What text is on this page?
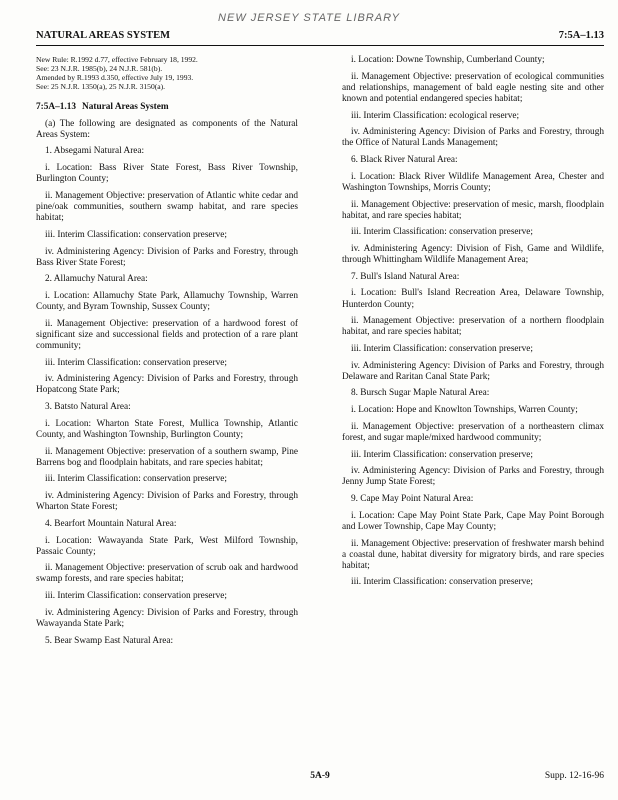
NEW JERSEY STATE LIBRARY
NATURAL AREAS SYSTEM	7:5A–1.13

New Rule: R.1992 d.77, effective February 18, 1992.

See: 23 N.J.R. 1985(b), 24 N.J.R. 581(b).

Amended by R.1993 d.350, effective July 19, 1993.

See: 25 N.J.R. 1350(a), 25 N.J.R. 3150(a).

7:5A–1.13 Natural Areas System

(a) The following are designated as components of the Natural Areas System:

1. Absegami Natural Area:

i. Location: Bass River State Forest, Bass River Township, Burlington County;

ii. Management Objective: preservation of Atlantic white cedar and pine/oak communities, southern swamp habitat, and rare species habitat;

iii. Interim Classification: conservation preserve;

iv. Administering Agency: Division of Parks and Forestry, through Bass River State Forest;

2. Allamuchy Natural Area:

i. Location: Allamuchy State Park, Allamuchy Township, Warren County, and Byram Township, Sussex County;

ii. Management Objective: preservation of a hardwood forest of significant size and successional fields and protection of a rare plant community;

iii. Interim Classification: conservation preserve;

iv. Administering Agency: Division of Parks and Forestry, through Hopatcong State Park;

3. Batsto Natural Area:

i. Location: Wharton State Forest, Mullica Township, Atlantic County, and Washington Township, Burlington County;

ii. Management Objective: preservation of a southern swamp, Pine Barrens bog and floodplain habitats, and rare species habitat;

iii. Interim Classification: conservation preserve;

iv. Administering Agency: Division of Parks and Forestry, through Wharton State Forest;

4. Bearfort Mountain Natural Area:

i. Location: Wawayanda State Park, West Milford Township, Passaic County;

ii. Management Objective: preservation of scrub oak and hardwood swamp forests, and rare species habitat;

iii. Interim Classification: conservation preserve;

iv. Administering Agency: Division of Parks and Forestry, through Wawayanda State Park;

5. Bear Swamp East Natural Area:

i. Location: Downe Township, Cumberland County;

ii. Management Objective: preservation of ecological communities and relationships, management of bald eagle nesting site and other known and potential endangered species habitat;

iii. Interim Classification: ecological reserve;

iv. Administering Agency: Division of Parks and Forestry, through the Office of Natural Lands Management;

6. Black River Natural Area:

i. Location: Black River Wildlife Management Area, Chester and Washington Townships, Morris County;

ii. Management Objective: preservation of mesic, marsh, floodplain habitat, and rare species habitat;

iii. Interim Classification: conservation preserve;

iv. Administering Agency: Division of Fish, Game and Wildlife, through Whittingham Wildlife Management Area;

7. Bull's Island Natural Area:

i. Location: Bull's Island Recreation Area, Delaware Township, Hunterdon County;

ii. Management Objective: preservation of a northern floodplain habitat, and rare species habitat;

iii. Interim Classification: conservation preserve;

iv. Administering Agency: Division of Parks and Forestry, through Delaware and Raritan Canal State Park;

8. Bursch Sugar Maple Natural Area:

i. Location: Hope and Knowlton Townships, Warren County;

ii. Management Objective: preservation of a northeastern climax forest, and sugar maple/mixed hardwood community;

iii. Interim Classification: conservation preserve;

iv. Administering Agency: Division of Parks and Forestry, through Jenny Jump State Forest;

9. Cape May Point Natural Area:

i. Location: Cape May Point State Park, Cape May Point Borough and Lower Township, Cape May County;

ii. Management Objective: preservation of freshwater marsh behind a coastal dune, habitat diversity for migratory birds, and rare species habitat;

iii. Interim Classification: conservation preserve;

5A-9	Supp. 12-16-96
